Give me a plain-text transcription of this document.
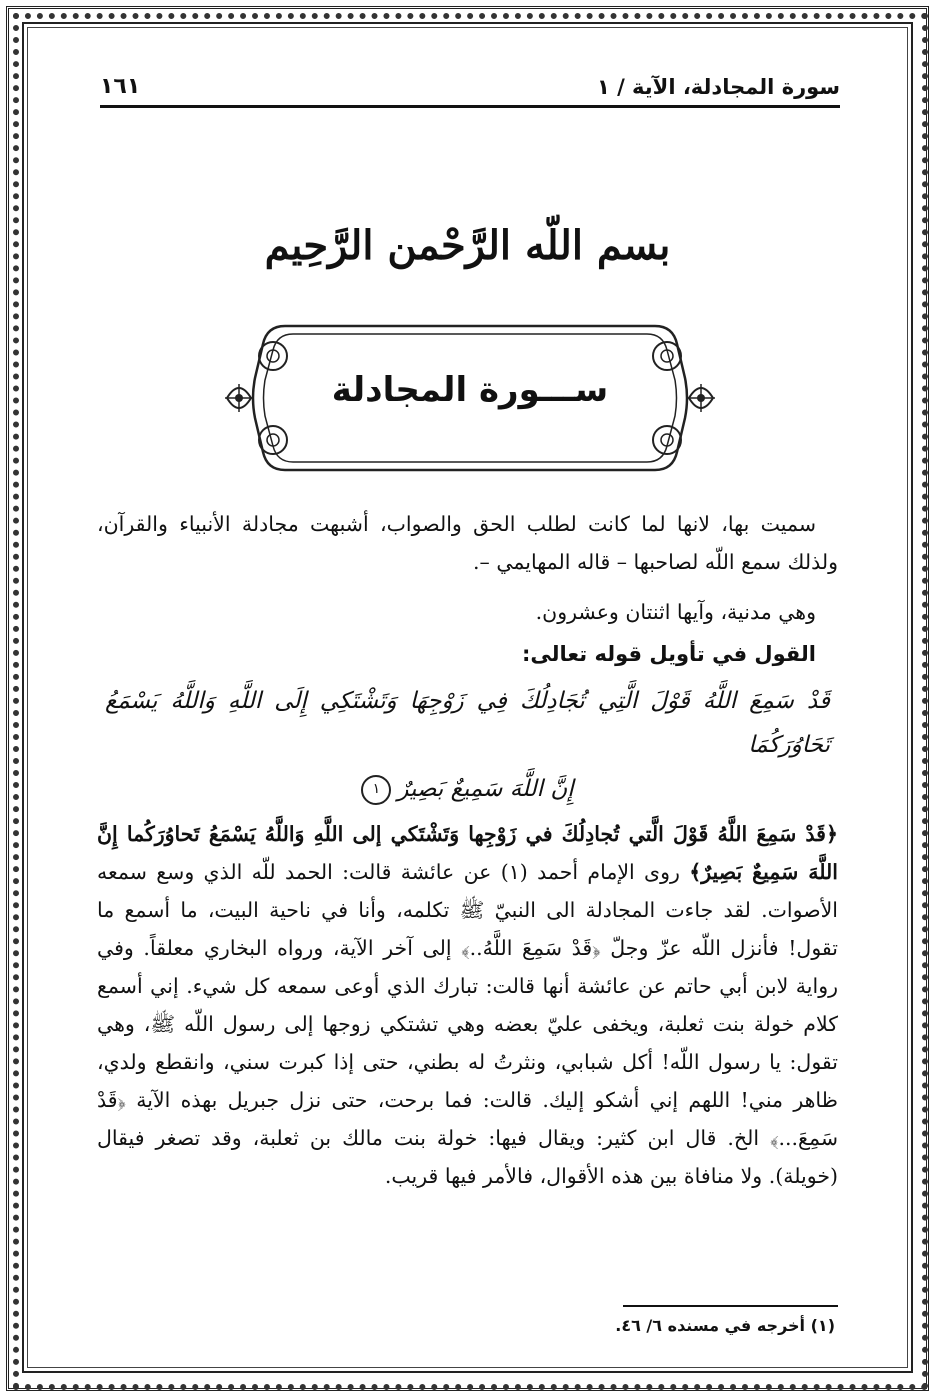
سورة المجادلة، الآية / ١
١٦١
بسم اللّه الرَّحْمن الرَّحِيم
ســـورة المجادلة

سميت بها، لانها لما كانت لطلب الحق والصواب، أشبهت مجادلة الأنبياء والقرآن، ولذلك سمع اللّه لصاحبها – قاله المهايمي –.

وهي مدنية، وآيها اثنتان وعشرون.

القول في تأويل قوله تعالى:

قَدْ سَمِعَ اللَّهُ قَوْلَ الَّتِي تُجَادِلُكَ فِي زَوْجِهَا وَتَشْتَكِي إِلَى اللَّهِ وَاللَّهُ يَسْمَعُ تَحَاوُرَكُمَا
إِنَّ اللَّهَ سَمِيعٌ بَصِيرٌ١

﴿قَدْ سَمِعَ اللَّهُ قَوْلَ الَّتي تُجادِلُكَ في زَوْجِها وَتَشْتَكي إلى اللَّهِ وَاللَّهُ يَسْمَعُ تَحاوُرَكُما إِنَّ اللَّهَ سَمِيعٌ بَصِيرٌ﴾ روى الإمام أحمد (١) عن عائشة قالت: الحمد للّه الذي وسع سمعه الأصوات. لقد جاءت المجادلة الى النبيّ ﷺ تكلمه، وأنا في ناحية البيت، ما أسمع ما تقول! فأنزل اللّه عزّ وجلّ ﴿قَدْ سَمِعَ اللَّهُ..﴾ إلى آخر الآية، ورواه البخاري معلقاً. وفي رواية لابن أبي حاتم عن عائشة أنها قالت: تبارك الذي أوعى سمعه كل شيء. إني أسمع كلام خولة بنت ثعلبة، ويخفى عليّ بعضه وهي تشتكي زوجها إلى رسول اللّه ﷺ، وهي تقول: يا رسول اللّه! أكل شبابي، ونثرتُ له بطني، حتى إذا كبرت سني، وانقطع ولدي، ظاهر مني! اللهم إني أشكو إليك. قالت: فما برحت، حتى نزل جبريل بهذه الآية ﴿قَدْ سَمِعَ...﴾ الخ. قال ابن كثير: ويقال فيها: خولة بنت مالك بن ثعلبة، وقد تصغر فيقال (خويلة). ولا منافاة بين هذه الأقوال، فالأمر فيها قريب.

(١) أخرجه في مسنده ٦/ ٤٦.
